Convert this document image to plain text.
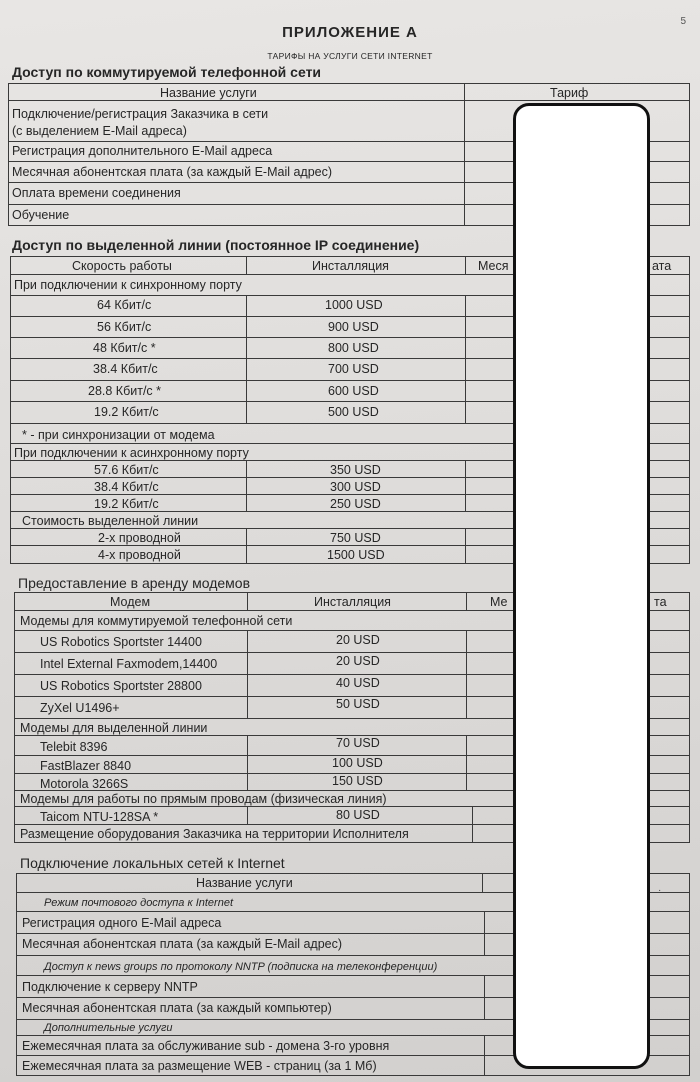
5
ПРИЛОЖЕНИЕ А
ТАРИФЫ НА УСЛУГИ СЕТИ INTERNET
Доступ по коммутируемой телефонной сети
Название услуги	Тариф
Подключение/регистрация Заказчика в сети
(с выделением E-Mail адреса)
Регистрация дополнительного E-Mail адреса
Месячная абонентская плата (за каждый E-Mail адрес)
Оплата времени соединения
Обучение
Доступ по выделенной линии (постоянное IP соединение)
Скорость работы	Инсталляция	Меся	ата
При подключении к синхронному порту
64 Кбит/с	1000 USD
56 Кбит/с	900 USD
48 Кбит/с *	800 USD
38.4 Кбит/с	700 USD
28.8 Кбит/с *	600 USD
19.2 Кбит/с	500 USD
* - при синхронизации от модема
При подключении к асинхронному порту
57.6 Кбит/с	350 USD
38.4 Кбит/с	300 USD
19.2 Кбит/с	250 USD
Стоимость выделенной линии
2-х проводной	750 USD
4-х проводной	1500 USD
Предоставление в аренду модемов
Модем	Инсталляция	Ме	та
Модемы для коммутируемой телефонной сети
US Robotics Sportster 14400	20 USD
Intel External Faxmodem,14400	20 USD
US Robotics Sportster 28800	40 USD
ZyXel U1496+	50 USD
Модемы для выделенной линии
Telebit 8396	70 USD
FastBlazer 8840	100 USD
Motorola 3266S	150 USD
Модемы для работы по прямым проводам (физическая линия)
Taicom NTU-128SA *	80 USD
Размещение оборудования Заказчика на территории Исполнителя
Подключение локальных сетей к Internet
Название услуги
Режим почтового доступа к Internet
Регистрация одного E-Mail адреса
Месячная абонентская плата (за каждый E-Mail адрес)
Доступ к news groups по протоколу NNTP (подписка на телеконференции)
Подключение к серверу NNTP
Месячная абонентская плата (за каждый компьютер)
Дополнительные услуги
Ежемесячная плата за обслуживание sub - домена 3-го уровня
Ежемесячная плата за размещение WEB - страниц (за 1 Мб)
·
·
